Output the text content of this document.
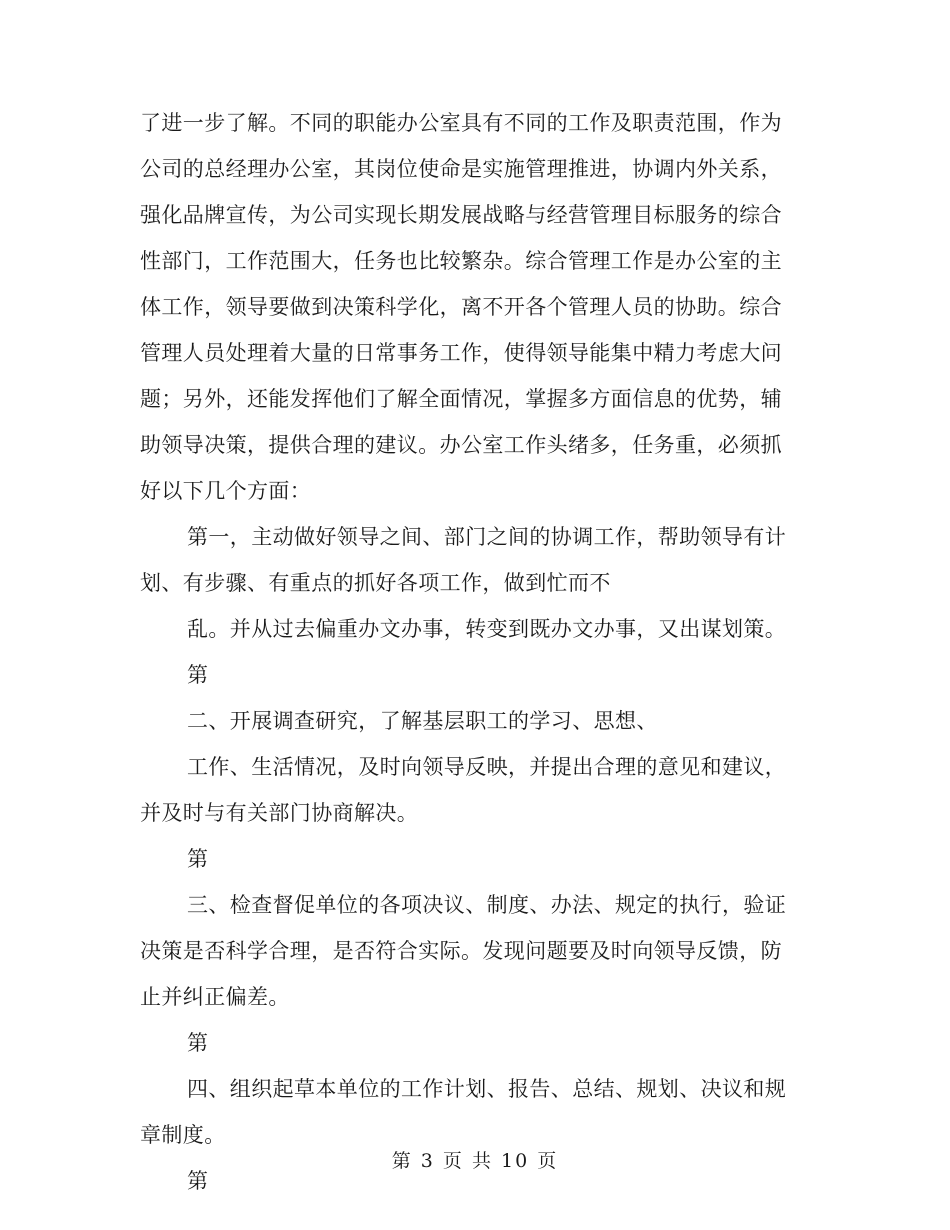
了进一步了解。不同的职能办公室具有不同的工作及职责范围，作为
公司的总经理办公室，其岗位使命是实施管理推进，协调内外关系，
强化品牌宣传，为公司实现长期发展战略与经营管理目标服务的综合
性部门，工作范围大，任务也比较繁杂。综合管理工作是办公室的主
体工作，领导要做到决策科学化，离不开各个管理人员的协助。综合
管理人员处理着大量的日常事务工作，使得领导能集中精力考虑大问
题；另外，还能发挥他们了解全面情况，掌握多方面信息的优势，辅
助领导决策，提供合理的建议。办公室工作头绪多，任务重，必须抓
好以下几个方面：
第一，主动做好领导之间、部门之间的协调工作，帮助领导有计
划、有步骤、有重点的抓好各项工作，做到忙而不
乱。并从过去偏重办文办事，转变到既办文办事，又出谋划策。
第
二、开展调查研究，了解基层职工的学习、思想、
工作、生活情况，及时向领导反映，并提出合理的意见和建议，
并及时与有关部门协商解决。
第
三、检查督促单位的各项决议、制度、办法、规定的执行，验证
决策是否科学合理，是否符合实际。发现问题要及时向领导反馈，防
止并纠正偏差。
第
四、组织起草本单位的工作计划、报告、总结、规划、决议和规
章制度。
第
第 3 页 共 10 页
